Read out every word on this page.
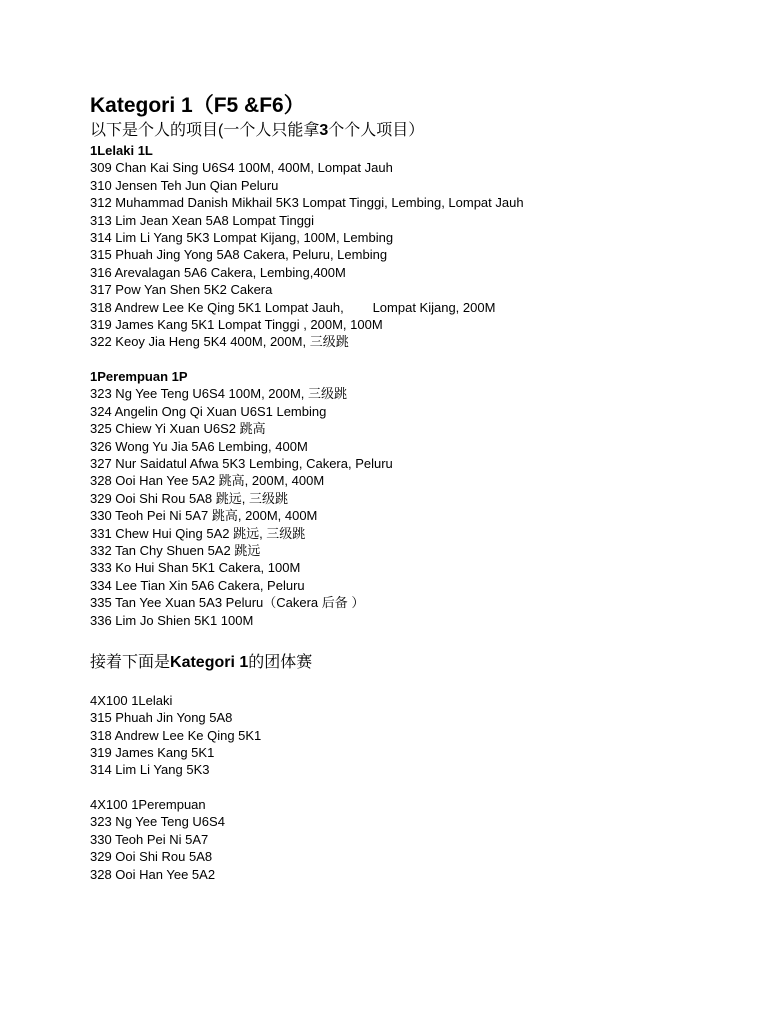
Kategori 1（F5 &F6）
以下是个人的项目(一个人只能拿3个个人项目）
1Lelaki 1L
309 Chan Kai Sing U6S4 100M, 400M, Lompat Jauh
310 Jensen Teh Jun Qian Peluru
312 Muhammad Danish Mikhail 5K3 Lompat Tinggi, Lembing, Lompat Jauh
313 Lim Jean Xean 5A8 Lompat Tinggi
314 Lim Li Yang 5K3 Lompat Kijang, 100M, Lembing
315 Phuah Jing Yong 5A8 Cakera, Peluru, Lembing
316 Arevalagan 5A6 Cakera, Lembing,400M
317 Pow Yan Shen 5K2 Cakera
318 Andrew Lee Ke Qing 5K1 Lompat Jauh,        Lompat Kijang, 200M
319 James Kang 5K1 Lompat Tinggi , 200M, 100M
322 Keoy Jia Heng 5K4 400M, 200M, 三级跳
1Perempuan 1P
323 Ng Yee Teng U6S4 100M, 200M, 三级跳
324 Angelin Ong Qi Xuan U6S1 Lembing
325 Chiew Yi Xuan U6S2 跳高
326 Wong Yu Jia 5A6 Lembing, 400M
327 Nur Saidatul Afwa 5K3 Lembing, Cakera, Peluru
328 Ooi Han Yee 5A2 跳高, 200M, 400M
329 Ooi Shi Rou 5A8 跳远, 三级跳
330 Teoh Pei Ni 5A7 跳高, 200M, 400M
331 Chew Hui Qing 5A2 跳远, 三级跳
332 Tan Chy Shuen 5A2 跳远
333 Ko Hui Shan 5K1 Cakera, 100M
334 Lee Tian Xin 5A6 Cakera, Peluru
335 Tan Yee Xuan 5A3 Peluru（Cakera 后备 ）
336 Lim Jo Shien 5K1 100M
接着下面是Kategori 1的团体赛
4X100 1Lelaki
315 Phuah Jin Yong 5A8
318 Andrew Lee Ke Qing 5K1
319 James Kang 5K1
314 Lim Li Yang 5K3
4X100 1Perempuan
323 Ng Yee Teng U6S4
330 Teoh Pei Ni 5A7
329 Ooi Shi Rou 5A8
328 Ooi Han Yee 5A2
